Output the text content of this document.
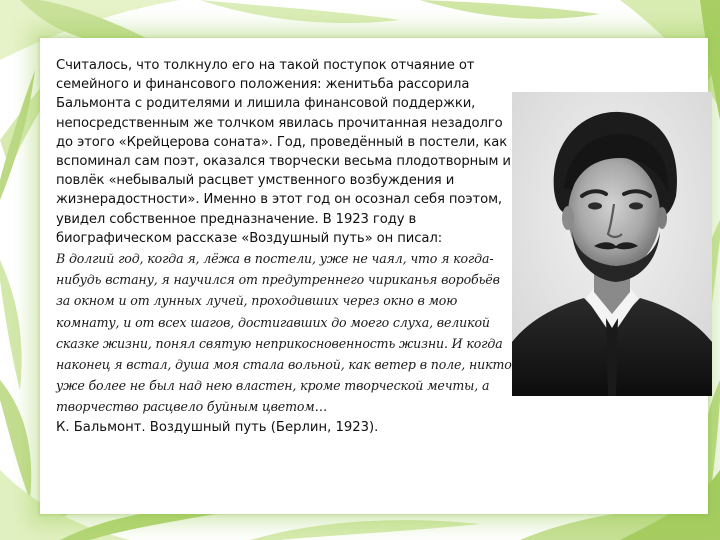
Считалось, что толкнуло его на такой поступок отчаяние от семейного и финансового положения: женитьба рассорила Бальмонта с родителями и лишила финансовой поддержки, непосредственным же толчком явилась прочитанная незадолго до этого «Крейцерова соната». Год, проведённый в постели, как вспоминал сам поэт, оказался творчески весьма плодотворным и повлёк «небывалый расцвет умственного возбуждения и жизнерадостности». Именно в этот год он осознал себя поэтом, увидел собственное предназначение. В 1923 году в биографическом рассказе «Воздушный путь» он писал:

В долгий год, когда я, лёжа в постели, уже не чаял, что я когда-нибудь встану, я научился от предутреннего чириканья воробьёв за окном и от лунных лучей, проходивших через окно в мою комнату, и от всех шагов, достигавших до моего слуха, великой сказке жизни, понял святую неприкосновенность жизни. И когда наконец я встал, душа моя стала вольной, как ветер в поле, никто уже более не был над нею властен, кроме творческой мечты, а творчество расцвело буйным цветом…

К. Бальмонт. Воздушный путь (Берлин, 1923).
